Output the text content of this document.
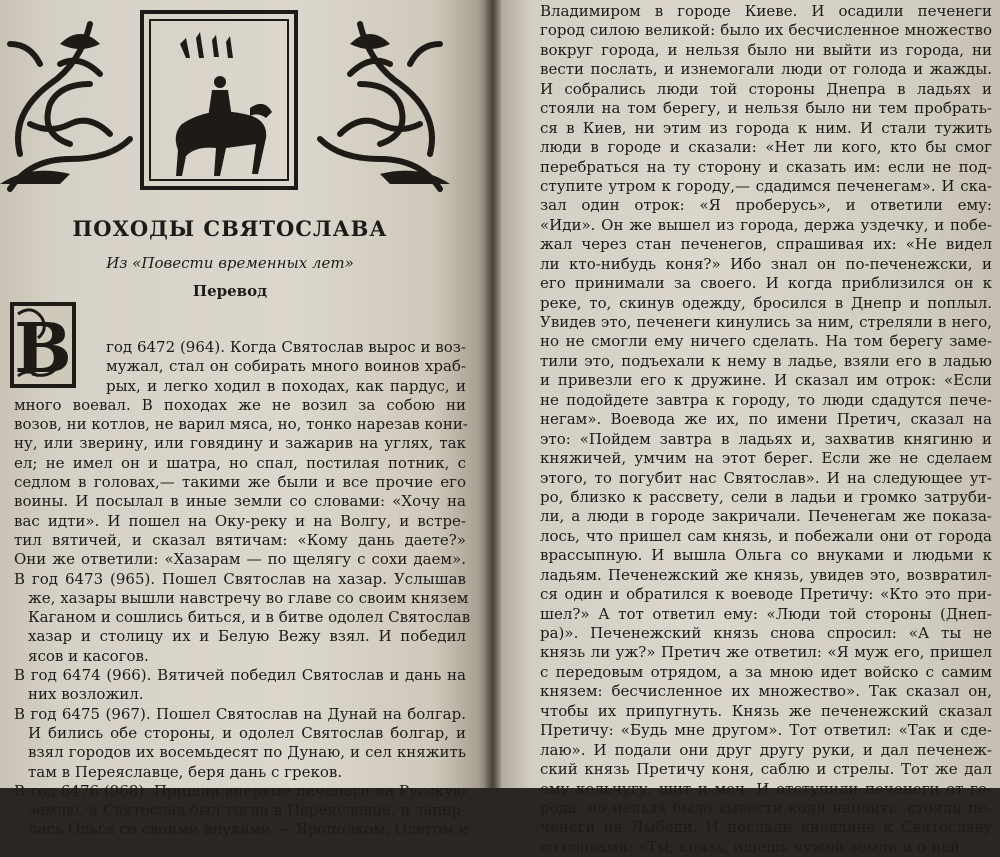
ПОХОДЫ СВЯТОСЛАВА
Из «Повести временных лет»
Перевод
В	год 6472 (964). Когда Святослав вырос и воз-
мужал, стал он собирать много воинов храб-
рых, и легко ходил в походах, как пардус, и
много воевал. В походах же не возил за собою ни
возов, ни котлов, не варил мяса, но, тонко нарезав кони-
ну, или зверину, или говядину и зажарив на углях, так
ел; не имел он и шатра, но спал, постилая потник, с
седлом в головах,— такими же были и все прочие его
воины. И посылал в иные земли со словами: «Хочу на
вас идти». И пошел на Оку-реку и на Волгу, и встре-
тил вятичей, и сказал вятичам: «Кому дань даете?»
Они же ответили: «Хазарам — по щелягу с сохи даем».
В год 6473 (965). Пошел Святослав на хазар. Услышав
же, хазары вышли навстречу во главе со своим князем
Каганом и сошлись биться, и в битве одолел Святослав
хазар и столицу их и Белую Вежу взял. И победил
ясов и касогов.
В год 6474 (966). Вятичей победил Святослав и дань на
них возложил.
В год 6475 (967). Пошел Святослав на Дунай на болгар.
И бились обе стороны, и одолел Святослав болгар, и
взял городов их восемьдесят по Дунаю, и сел княжить
там в Переяславце, беря дань с греков.
В год 6476 (968). Пришли впервые печенеги на Русскую
землю, а Святослав был тогда в Переяславце, и запер-
лась Ольга со своими внуками — Ярополком, Олегом и
Владимиром в городе Киеве. И осадили печенеги
город силою великой: было их бесчисленное множество
вокруг города, и нельзя было ни выйти из города, ни
вести послать, и изнемогали люди от голода и жажды.
И собрались люди той стороны Днепра в ладьях и
стояли на том берегу, и нельзя было ни тем пробрать-
ся в Киев, ни этим из города к ним. И стали тужить
люди в городе и сказали: «Нет ли кого, кто бы смог
перебраться на ту сторону и сказать им: если не под-
ступите утром к городу,— сдадимся печенегам». И ска-
зал один отрок: «Я проберусь», и ответили ему:
«Иди». Он же вышел из города, держа уздечку, и побе-
жал через стан печенегов, спрашивая их: «Не видел
ли кто-нибудь коня?» Ибо знал он по-печенежски, и
его принимали за своего. И когда приблизился он к
реке, то, скинув одежду, бросился в Днепр и поплыл.
Увидев это, печенеги кинулись за ним, стреляли в него,
но не смогли ему ничего сделать. На том берегу заме-
тили это, подъехали к нему в ладье, взяли его в ладью
и привезли его к дружине. И сказал им отрок: «Если
не подойдете завтра к городу, то люди сдадутся пече-
негам». Воевода же их, по имени Претич, сказал на
это: «Пойдем завтра в ладьях и, захватив княгиню и
княжичей, умчим на этот берег. Если же не сделаем
этого, то погубит нас Святослав». И на следующее ут-
ро, близко к рассвету, сели в ладьи и громко затруби-
ли, а люди в городе закричали. Печенегам же показа-
лось, что пришел сам князь, и побежали они от города
врассыпную. И вышла Ольга со внуками и людьми к
ладьям. Печенежский же князь, увидев это, возвратил-
ся один и обратился к воеводе Претичу: «Кто это при-
шел?» А тот ответил ему: «Люди той стороны (Днеп-
ра)». Печенежский князь снова спросил: «А ты не
князь ли уж?» Претич же ответил: «Я муж его, пришел
с передовым отрядом, а за мною идет войско с самим
князем: бесчисленное их множество». Так сказал он,
чтобы их припугнуть. Князь же печенежский сказал
Претичу: «Будь мне другом». Тот ответил: «Так и сде-
лаю». И подали они друг другу руки, и дал печенеж-
ский князь Претичу коня, саблю и стрелы. Тот же дал
ему кольчугу, щит и меч. И отступили печенеги от го-
рода, но нельзя было вывести коня напоить: стояли пе-
ченеги на Лыбеди. И послали киевляне к Святославу
со словами: «Ты, князь, ищешь чужой земли и о ней
